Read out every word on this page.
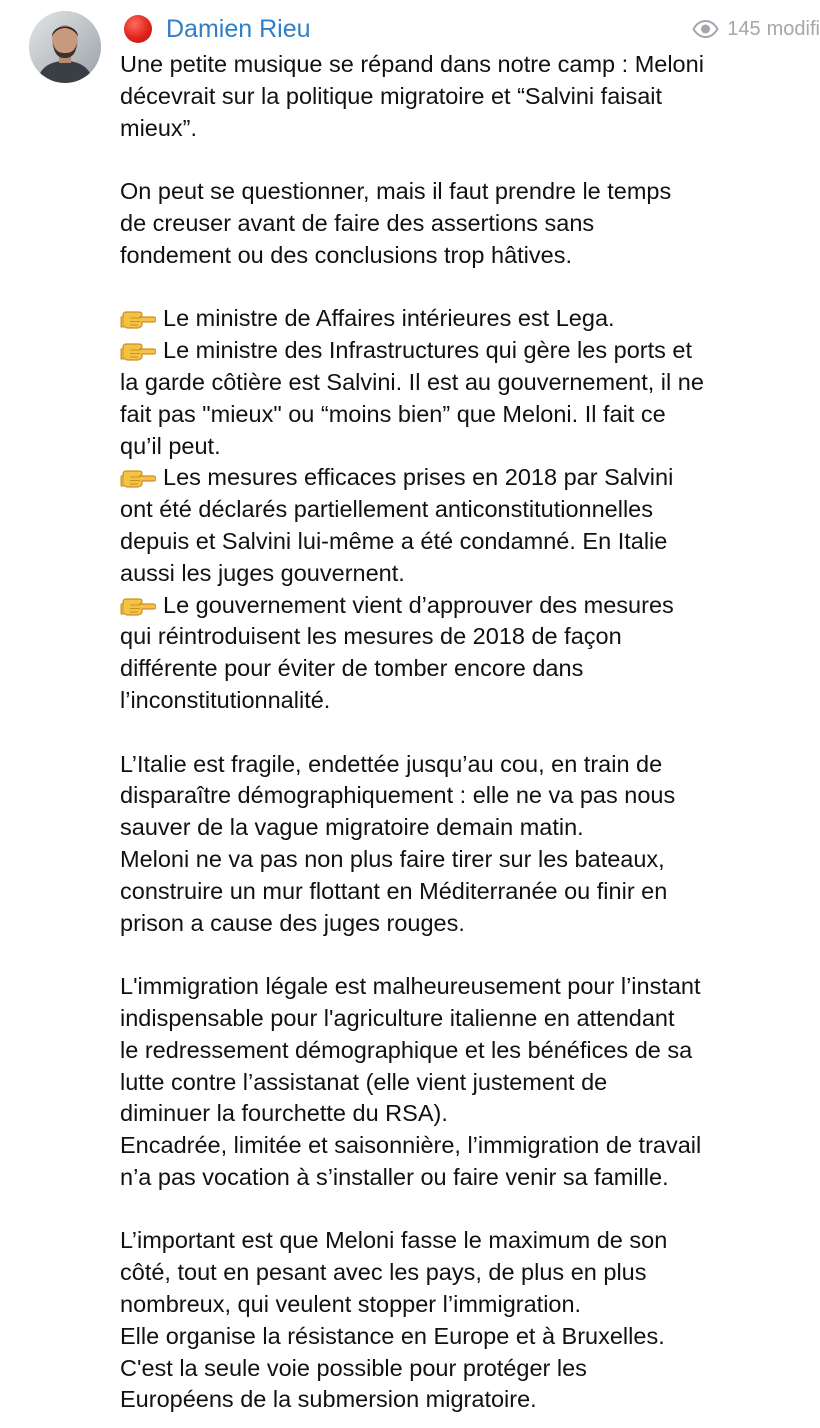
Damien Rieu	145 modifi
Une petite musique se répand dans notre camp : Meloni
décevrait sur la politique migratoire et “Salvini faisait
mieux”.
On peut se questionner, mais il faut prendre le temps
de creuser avant de faire des assertions sans
fondement ou des conclusions trop hâtives.
Le ministre de Affaires intérieures est Lega.
Le ministre des Infrastructures qui gère les ports et
la garde côtière est Salvini. Il est au gouvernement, il ne
fait pas "mieux" ou “moins bien” que Meloni. Il fait ce
qu’il peut.
Les mesures efficaces prises en 2018 par Salvini
ont été déclarés partiellement anticonstitutionnelles
depuis et Salvini lui-même a été condamné. En Italie
aussi les juges gouvernent.
Le gouvernement vient d’approuver des mesures
qui réintroduisent les mesures de 2018 de façon
différente pour éviter de tomber encore dans
l’inconstitutionnalité.
L’Italie est fragile, endettée jusqu’au cou, en train de
disparaître démographiquement : elle ne va pas nous
sauver de la vague migratoire demain matin.
Meloni ne va pas non plus faire tirer sur les bateaux,
construire un mur flottant en Méditerranée ou finir en
prison a cause des juges rouges.
L'immigration légale est malheureusement pour l’instant
indispensable pour l'agriculture italienne en attendant
le redressement démographique et les bénéfices de sa
lutte contre l’assistanat (elle vient justement de
diminuer la fourchette du RSA).
Encadrée, limitée et saisonnière, l’immigration de travail
n’a pas vocation à s’installer ou faire venir sa famille.
L’important est que Meloni fasse le maximum de son
côté, tout en pesant avec les pays, de plus en plus
nombreux, qui veulent stopper l’immigration.
Elle organise la résistance en Europe et à Bruxelles.
C'est la seule voie possible pour protéger les
Européens de la submersion migratoire.
